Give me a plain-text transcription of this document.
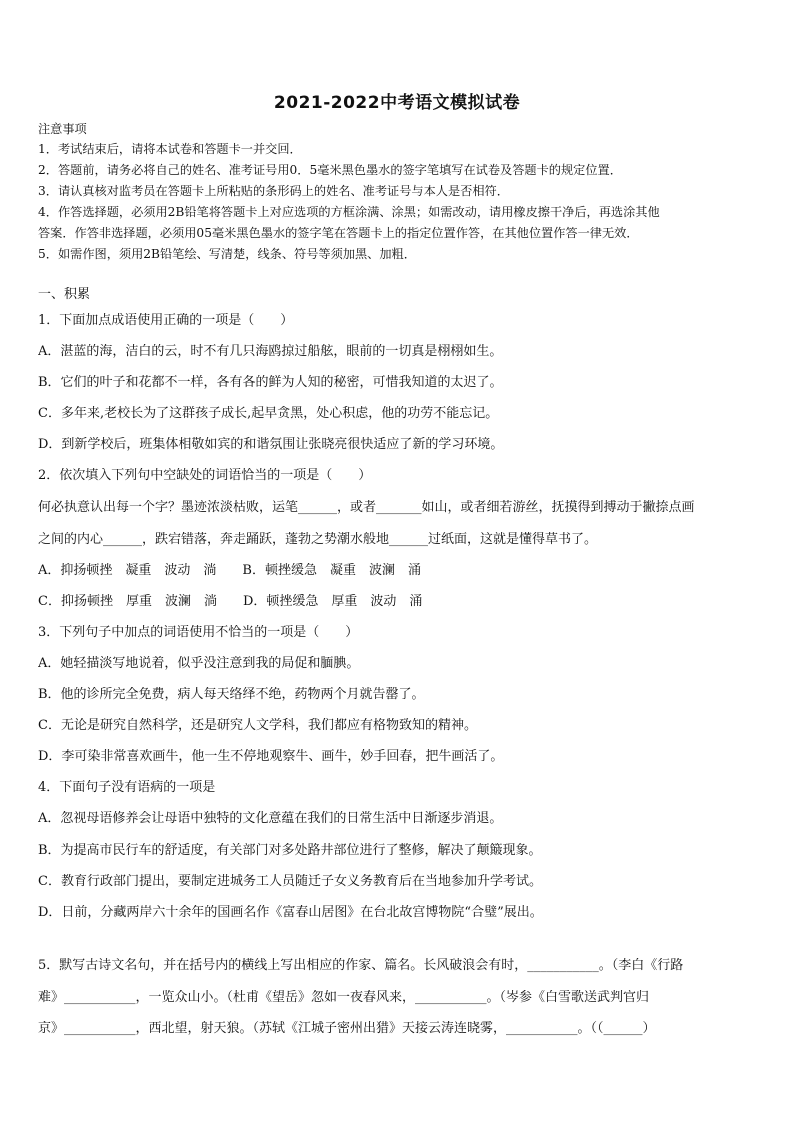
2021-2022中考语文模拟试卷
注意事项
1．考试结束后，请将本试卷和答题卡一并交回．
2．答题前，请务必将自己的姓名、准考证号用0．5毫米黑色墨水的签字笔填写在试卷及答题卡的规定位置．
3．请认真核对监考员在答题卡上所粘贴的条形码上的姓名、准考证号与本人是否相符．
4．作答选择题，必须用2B铅笔将答题卡上对应选项的方框涂满、涂黑；如需改动，请用橡皮擦干净后，再选涂其他
答案．作答非选择题，必须用05毫米黑色墨水的签字笔在答题卡上的指定位置作答，在其他位置作答一律无效．
5．如需作图，须用2B铅笔绘、写清楚，线条、符号等须加黑、加粗．
一、积累
1．下面加点成语使用正确的一项是（　　）
A．湛蓝的海，洁白的云，时不有几只海鸥掠过船舷，眼前的一切真是栩栩如生。
B．它们的叶子和花都不一样，各有各的鲜为人知的秘密，可惜我知道的太迟了。
C．多年来,老校长为了这群孩子成长,起早贪黑，处心积虑，他的功劳不能忘记。
D．到新学校后，班集体相敬如宾的和谐氛围让张晓亮很快适应了新的学习环境。
2．依次填入下列句中空缺处的词语恰当的一项是（　　）
何必执意认出每一个字？墨迹浓淡枯败，运笔______，或者_______如山，或者细若游丝，抚摸得到搏动于撇捺点画
之间的内心______，跌宕错落，奔走踊跃，蓬勃之势潮水般地______过纸面，这就是懂得草书了。
A．抑扬顿挫　凝重　波动　淌　　B．顿挫缓急　凝重　波澜　涌
C．抑扬顿挫　厚重　波澜　淌　　D．顿挫缓急　厚重　波动　涌
3．下列句子中加点的词语使用不恰当的一项是（　　）
A．她轻描淡写地说着，似乎没注意到我的局促和腼腆。
B．他的诊所完全免费，病人每天络绎不绝，药物两个月就告罄了。
C．无论是研究自然科学，还是研究人文学科，我们都应有格物致知的精神。
D．李可染非常喜欢画牛，他一生不停地观察牛、画牛，妙手回春，把牛画活了。
4．下面句子没有语病的一项是
A．忽视母语修养会让母语中独特的文化意蕴在我们的日常生活中日渐逐步消退。
B．为提高市民行车的舒适度，有关部门对多处路井部位进行了整修，解决了颠簸现象。
C．教育行政部门提出，要制定进城务工人员随迁子女义务教育后在当地参加升学考试。
D．日前，分藏两岸六十余年的国画名作《富春山居图》在台北故宫博物院“合璧”展出。
5．默写古诗文名句，并在括号内的横线上写出相应的作家、篇名。长风破浪会有时，___________。（李白《行路
难》___________，一览众山小。（杜甫《望岳》忽如一夜春风来，___________。（岑参《白雪歌送武判官归
京》___________，西北望，射天狼。（苏轼《江城子密州出猎》天接云涛连晓雾，___________。（（______）
